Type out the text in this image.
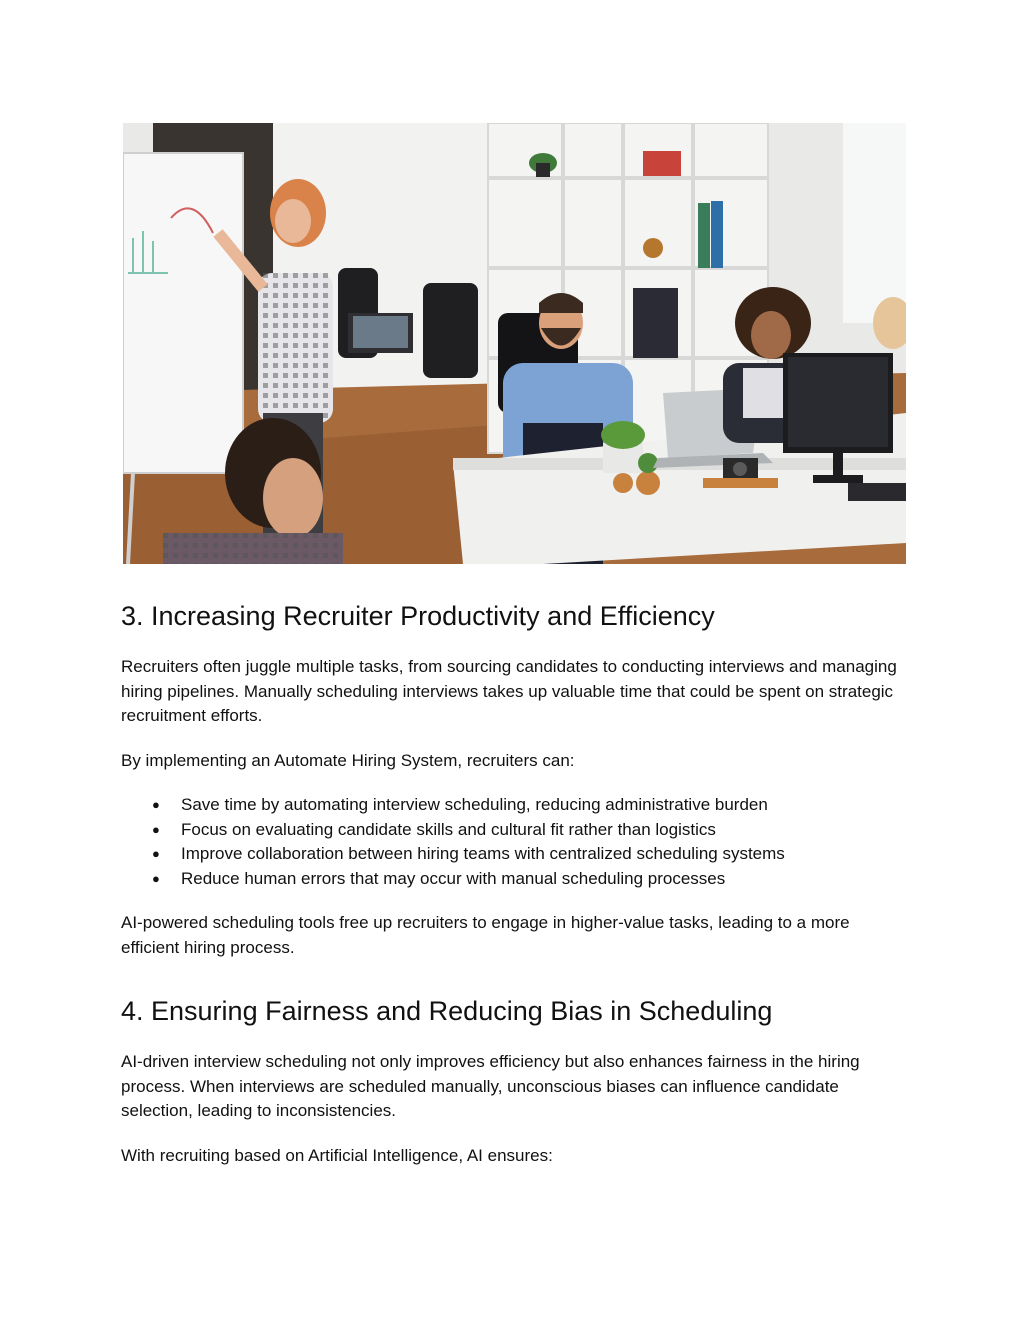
3. Increasing Recruiter Productivity and Efficiency

Recruiters often juggle multiple tasks, from sourcing candidates to conducting interviews and managing hiring pipelines. Manually scheduling interviews takes up valuable time that could be spent on strategic recruitment efforts.

By implementing an Automate Hiring System, recruiters can:

● Save time by automating interview scheduling, reducing administrative burden
● Focus on evaluating candidate skills and cultural fit rather than logistics
● Improve collaboration between hiring teams with centralized scheduling systems
● Reduce human errors that may occur with manual scheduling processes

AI-powered scheduling tools free up recruiters to engage in higher-value tasks, leading to a more efficient hiring process.

4. Ensuring Fairness and Reducing Bias in Scheduling

AI-driven interview scheduling not only improves efficiency but also enhances fairness in the hiring process. When interviews are scheduled manually, unconscious biases can influence candidate selection, leading to inconsistencies.

With recruiting based on Artificial Intelligence, AI ensures:
